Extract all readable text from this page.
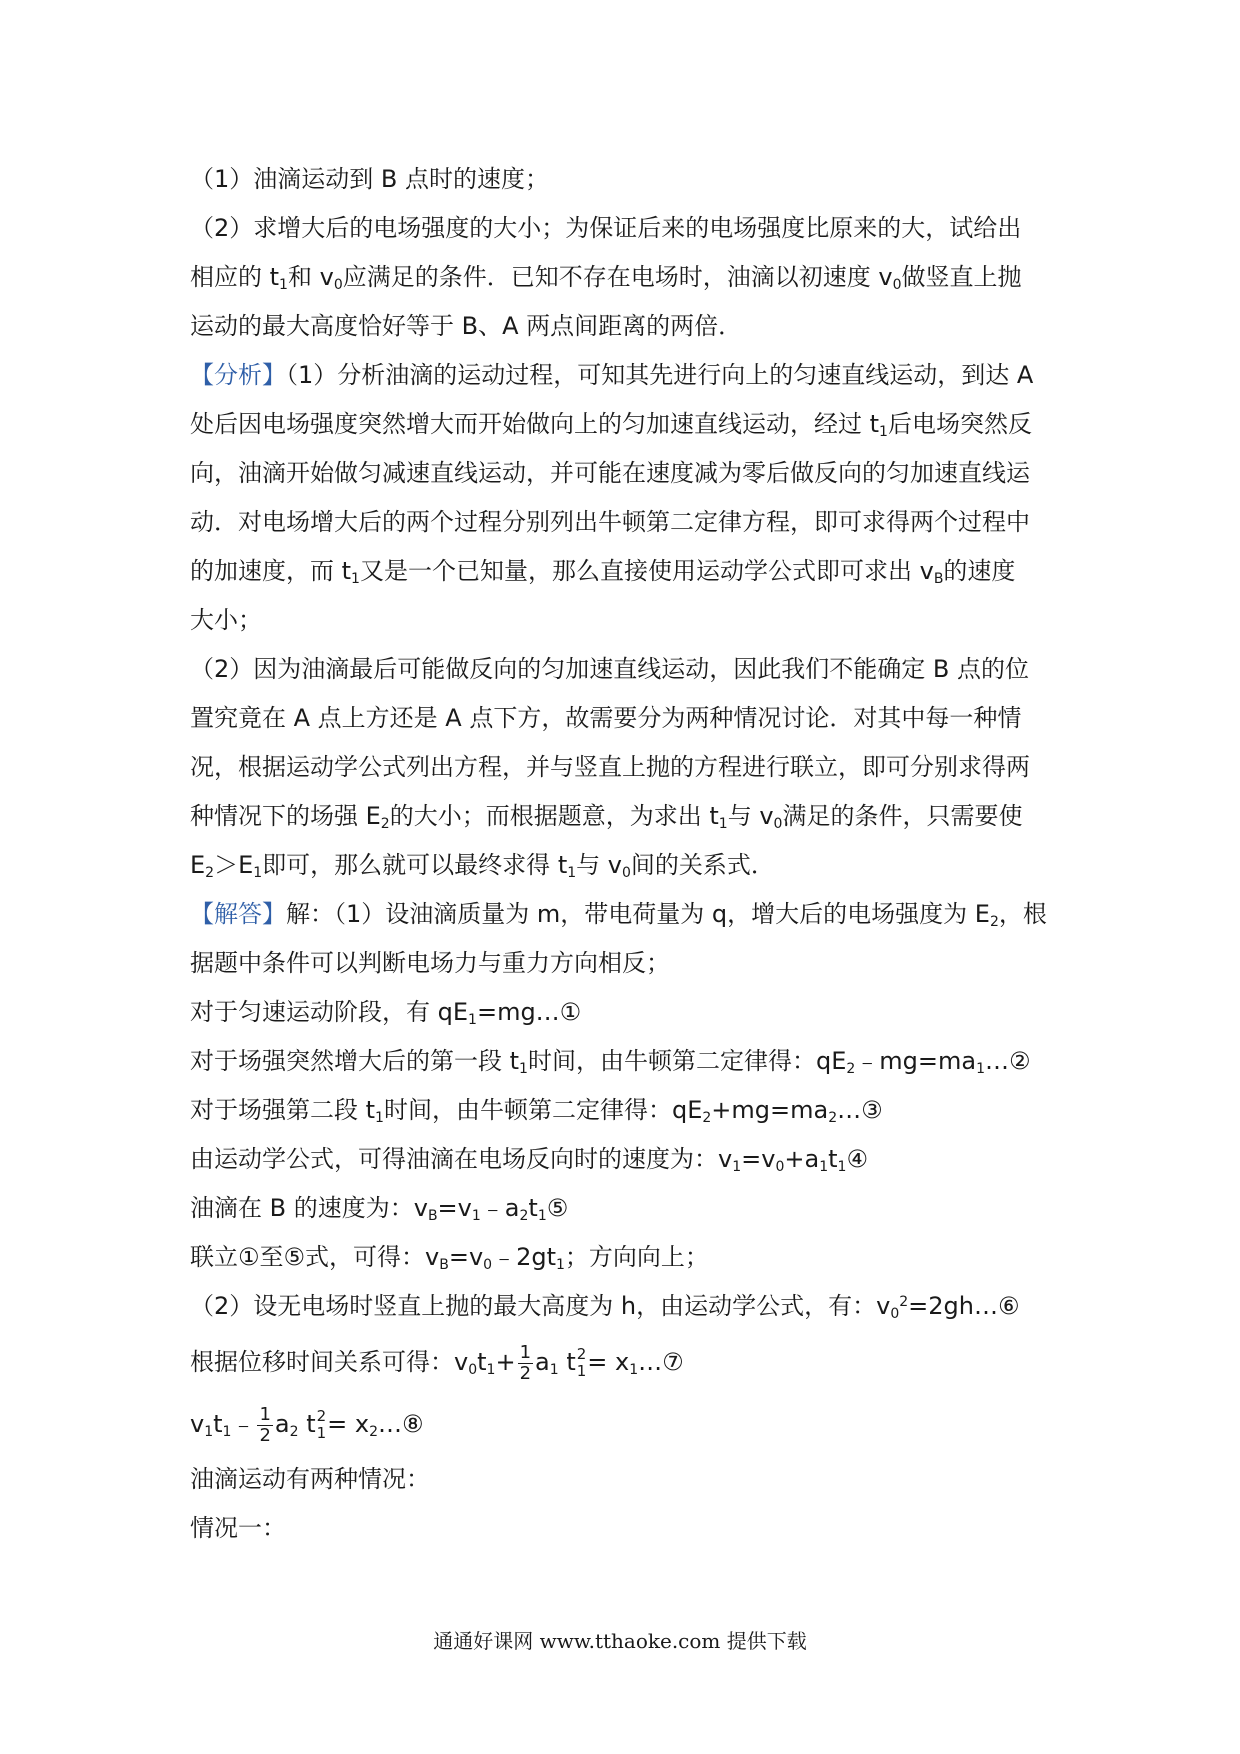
（1）油滴运动到 B 点时的速度；
（2）求增大后的电场强度的大小；为保证后来的电场强度比原来的大，试给出
相应的 $t_1$和 $v_0$应满足的条件．已知不存在电场时，油滴以初速度 $v_0$做竖直上抛
运动的最大高度恰好等于 B、A 两点间距离的两倍．
【分析】（1）分析油滴的运动过程，可知其先进行向上的匀速直线运动，到达 A
处后因电场强度突然增大而开始做向上的匀加速直线运动，经过 $t_1$后电场突然反
向，油滴开始做匀减速直线运动，并可能在速度减为零后做反向的匀加速直线运
动．对电场增大后的两个过程分别列出牛顿第二定律方程，即可求得两个过程中
的加速度，而 $t_1$又是一个已知量，那么直接使用运动学公式即可求出 $v_B$的速度
大小；
（2）因为油滴最后可能做反向的匀加速直线运动，因此我们不能确定 B 点的位
置究竟在 A 点上方还是 A 点下方，故需要分为两种情况讨论．对其中每一种情
况，根据运动学公式列出方程，并与竖直上抛的方程进行联立，即可分别求得两
种情况下的场强 $E_2$的大小；而根据题意，为求出 $t_1$与 $v_0$满足的条件，只需要使
$E_2>E_1$即可，那么就可以最终求得 $t_1$与 $v_0$间的关系式．
【解答】解：（1）设油滴质量为 m，带电荷量为 q，增大后的电场强度为 $E_2$，根
据题中条件可以判断电场力与重力方向相反；
对于匀速运动阶段，有 $qE_1=mg\dots ①$
对于场强突然增大后的第一段 $t_1$时间，由牛顿第二定律得：$qE_2﹣mg=ma_1\dots ②$
对于场强第二段 $t_1$时间，由牛顿第二定律得：$qE_2+mg=ma_2\dots ③$
由运动学公式，可得油滴在电场反向时的速度为：$v_1=v_0+a_1t_1④$
油滴在 B 的速度为：$v_B=v_1﹣a_2t_1⑤$
联立①至⑤式，可得：$v_B=v_0﹣2gt_1$；方向向上；
（2）设无电场时竖直上抛的最大高度为 h，由运动学公式，有：$v_0^2=2gh\dots ⑥$
根据位移时间关系可得：$v_0t_1+ \frac{1}{2} a_1$ t 2
$1 = x_1\dots ⑦$
$v_1t_1﹣ \frac{1}{2} a_2$ t 2
$1 = x_2\dots ⑧$
油滴运动有两种情况：
情况一：
通通好课网 www.tthaoke.com 提供下载
